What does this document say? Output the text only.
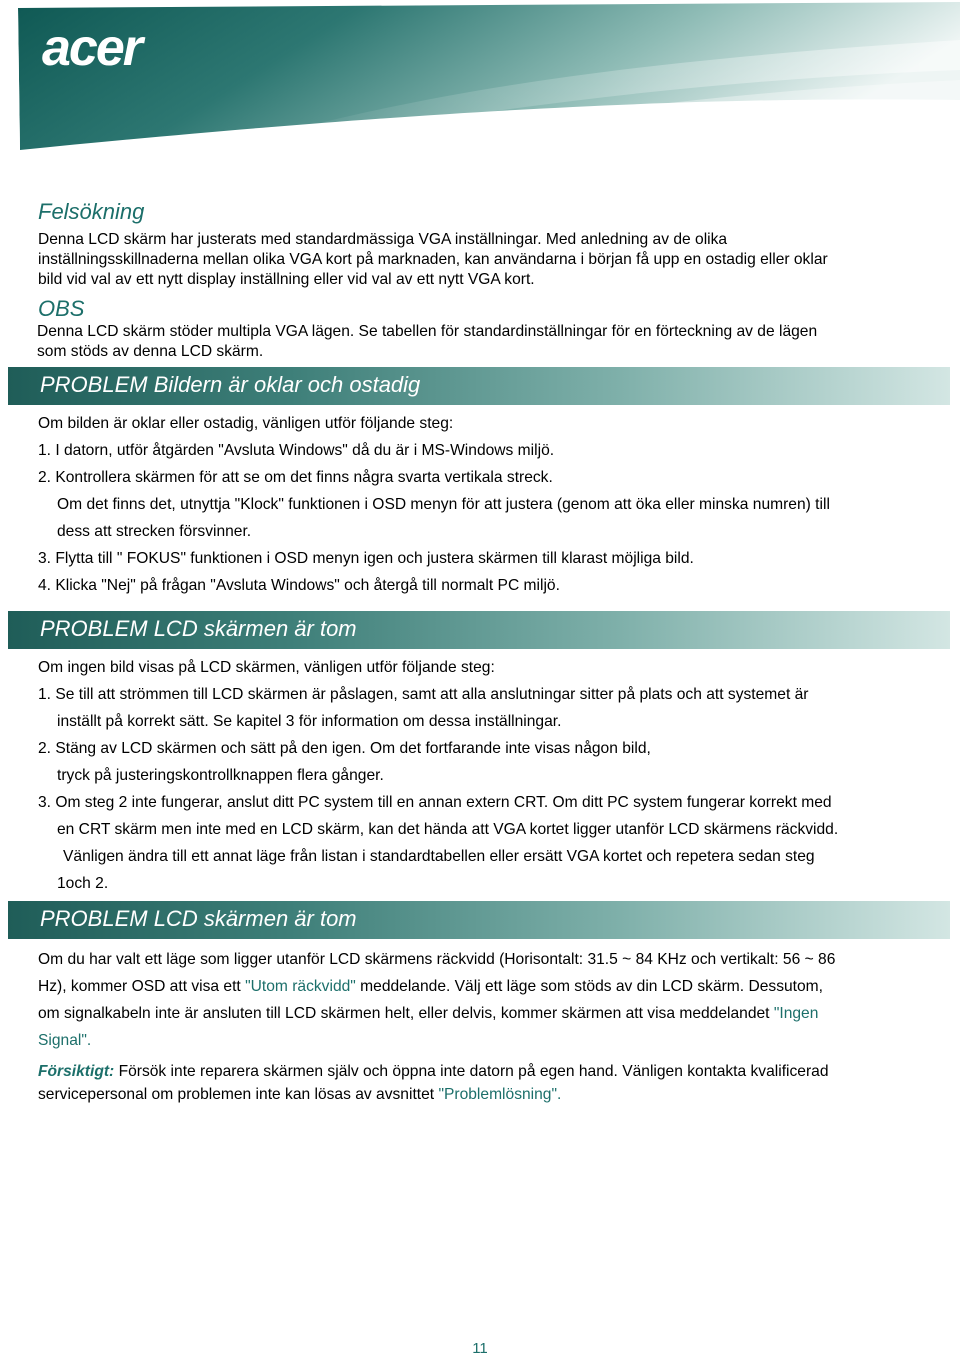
acer
Felsökning
Denna LCD skärm har justerats med standardmässiga VGA inställningar. Med anledning av de olika
inställningsskillnaderna mellan olika VGA kort på marknaden, kan användarna i början få upp en ostadig eller oklar
bild vid val av ett nytt display inställning eller vid val av ett nytt VGA kort.
OBS
Denna LCD skärm stöder multipla VGA lägen. Se tabellen för standardinställningar för en förteckning av de lägen
som stöds av denna LCD skärm.
PROBLEM Bildern är oklar och ostadig
Om bilden är oklar eller ostadig, vänligen utför följande steg:
1. I datorn, utför åtgärden "Avsluta Windows" då du är i MS-Windows miljö.
2. Kontrollera skärmen för att se om det finns några svarta vertikala streck.
Om det finns det, utnyttja "Klock" funktionen i OSD menyn för att justera (genom att öka eller minska numren) till
dess att strecken försvinner.
3. Flytta till " FOKUS" funktionen i OSD menyn igen och justera skärmen till klarast möjliga bild.
4. Klicka "Nej" på frågan "Avsluta Windows" och återgå till normalt PC miljö.
PROBLEM LCD skärmen är tom
Om ingen bild visas på LCD skärmen, vänligen utför följande steg:
1. Se till att strömmen till LCD skärmen är påslagen, samt att alla anslutningar sitter på plats och att systemet är
inställt på korrekt sätt. Se kapitel 3 för information om dessa inställningar.
2. Stäng av LCD skärmen och sätt på den igen. Om det fortfarande inte visas någon bild,
tryck på justeringskontrollknappen flera gånger.
3. Om steg 2 inte fungerar, anslut ditt PC system till en annan extern CRT. Om ditt PC system fungerar korrekt med
en CRT skärm men inte med en LCD skärm, kan det hända att VGA kortet ligger utanför LCD skärmens räckvidd.
Vänligen ändra till ett annat läge från listan i standardtabellen eller ersätt VGA kortet och repetera sedan steg
1och 2.
PROBLEM LCD skärmen är tom
Om du har valt ett läge som ligger utanför LCD skärmens räckvidd (Horisontalt: 31.5 ~ 84 KHz och vertikalt: 56 ~ 86
Hz), kommer OSD att visa ett "Utom räckvidd" meddelande. Välj ett läge som stöds av din LCD skärm. Dessutom,
om signalkabeln inte är ansluten till LCD skärmen helt, eller delvis, kommer skärmen att visa meddelandet "Ingen
Signal".
Försiktigt: Försök inte reparera skärmen själv och öppna inte datorn på egen hand. Vänligen kontakta kvalificerad
servicepersonal om problemen inte kan lösas av avsnittet "Problemlösning".
11
